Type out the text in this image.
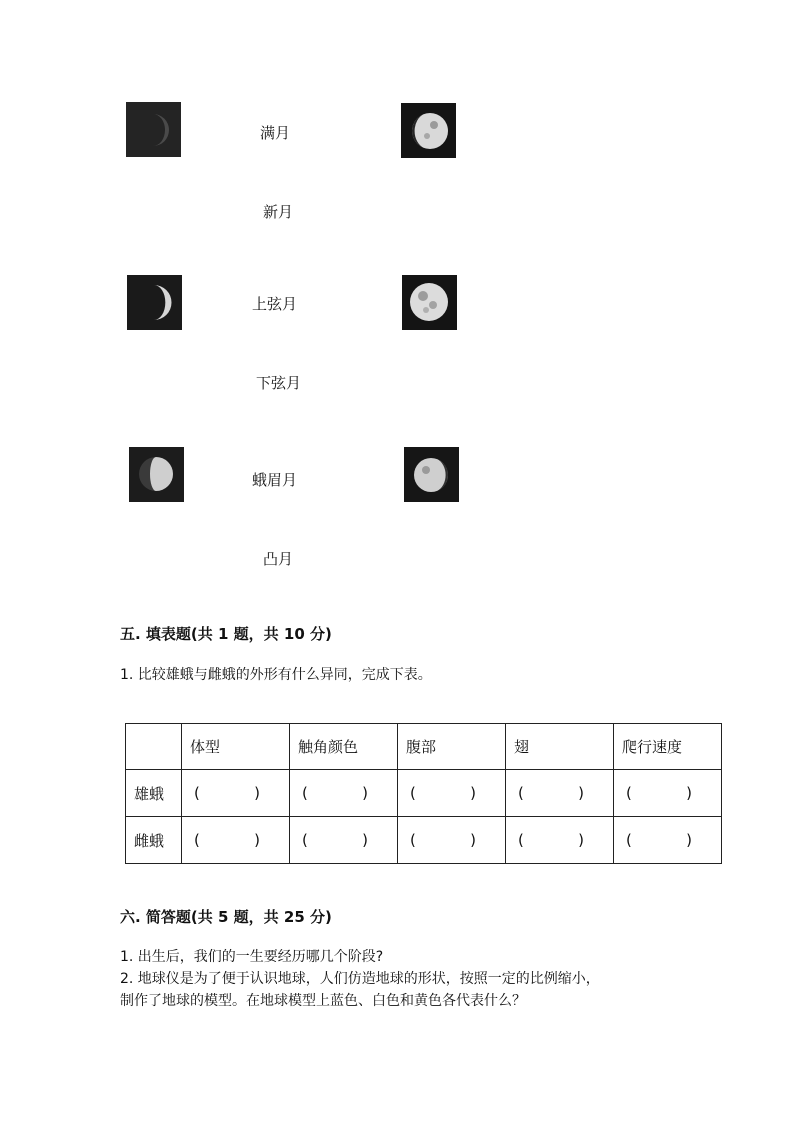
满月
新月
上弦月
下弦月
蛾眉月
凸月
五. 填表题(共 1 题，共 10 分)
1. 比较雄蛾与雌蛾的外形有什么异同，完成下表。
	体型	触角颜色	腹部	翅	爬行速度
雄蛾	( )	( )	( )	( )	( )

雌蛾	( )	( )	( )	( )	( )
六. 简答题(共 5 题，共 25 分)
1. 出生后，我们的一生要经历哪几个阶段?
2. 地球仪是为了便于认识地球，人们仿造地球的形状，按照一定的比例缩小，
制作了地球的模型。在地球模型上蓝色、白色和黄色各代表什么？
